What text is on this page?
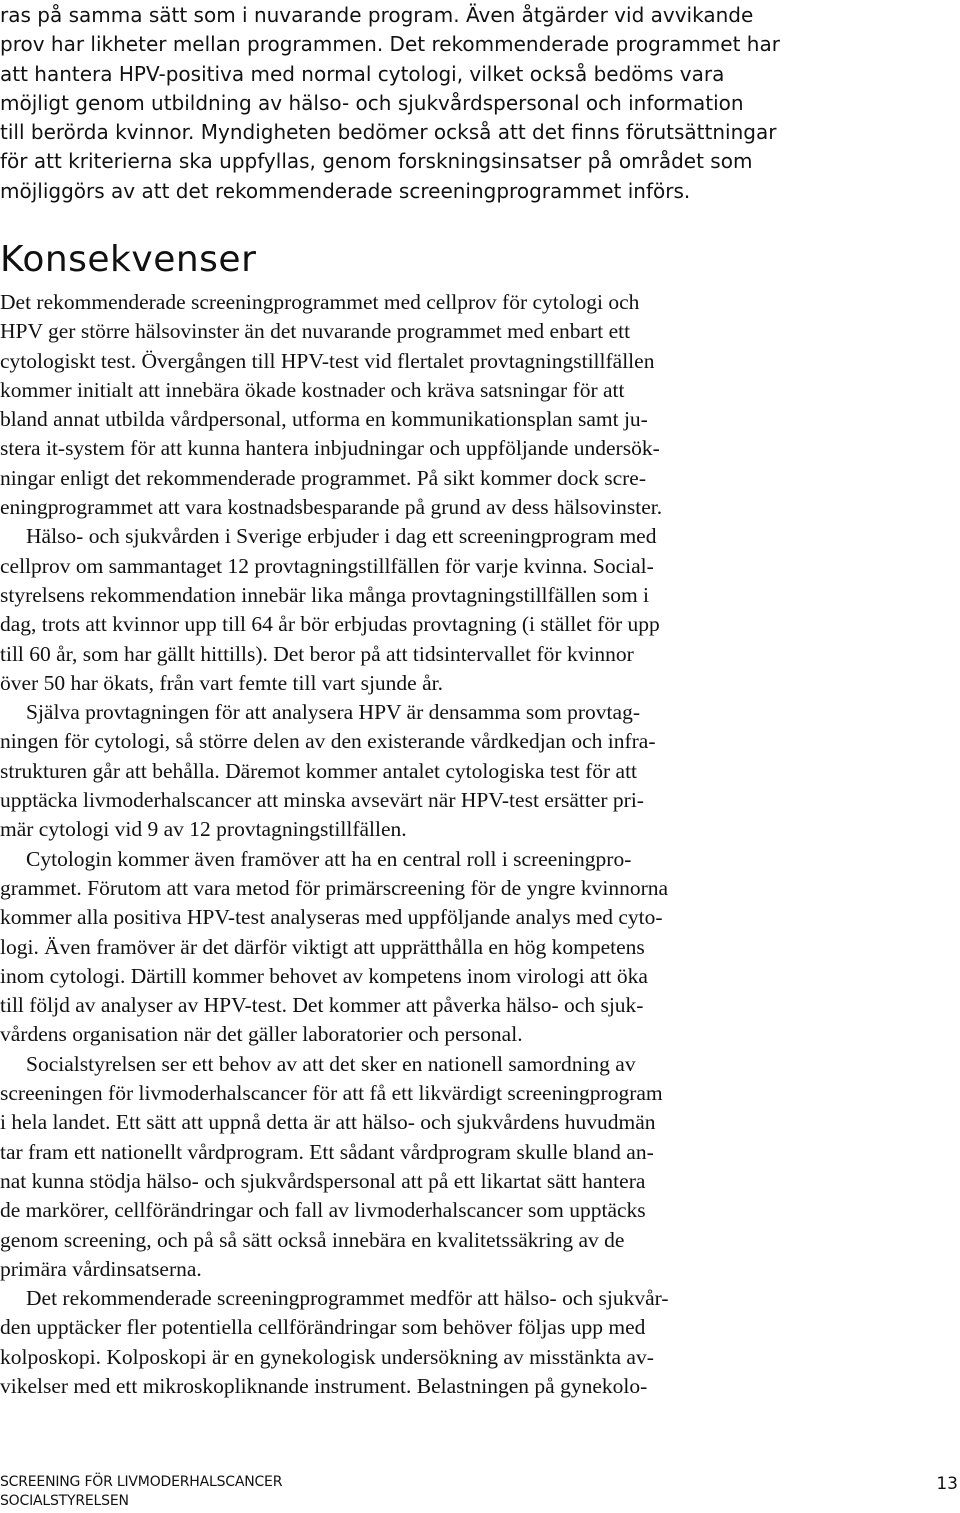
ras på samma sätt som i nuvarande program. Även åtgärder vid avvikande
prov har likheter mellan programmen. Det rekommenderade programmet har
att hantera HPV-positiva med normal cytologi, vilket också bedöms vara
möjligt genom utbildning av hälso- och sjukvårdspersonal och information
till berörda kvinnor. Myndigheten bedömer också att det finns förutsättningar
för att kriterierna ska uppfyllas, genom forskningsinsatser på området som
möjliggörs av att det rekommenderade screeningprogrammet införs.
Konsekvenser
Det rekommenderade screeningprogrammet med cellprov för cytologi och
HPV ger större hälsovinster än det nuvarande programmet med enbart ett
cytologiskt test. Övergången till HPV-test vid flertalet provtagningstillfällen
kommer initialt att innebära ökade kostnader och kräva satsningar för att
bland annat utbilda vårdpersonal, utforma en kommunikationsplan samt ju-
stera it-system för att kunna hantera inbjudningar och uppföljande undersök-
ningar enligt det rekommenderade programmet. På sikt kommer dock scre-
eningprogrammet att vara kostnadsbesparande på grund av dess hälsovinster.
Hälso- och sjukvården i Sverige erbjuder i dag ett screeningprogram med
cellprov om sammantaget 12 provtagningstillfällen för varje kvinna. Social-
styrelsens rekommendation innebär lika många provtagningstillfällen som i
dag, trots att kvinnor upp till 64 år bör erbjudas provtagning (i stället för upp
till 60 år, som har gällt hittills). Det beror på att tidsintervallet för kvinnor
över 50 har ökats, från vart femte till vart sjunde år.
Själva provtagningen för att analysera HPV är densamma som provtag-
ningen för cytologi, så större delen av den existerande vårdkedjan och infra-
strukturen går att behålla. Däremot kommer antalet cytologiska test för att
upptäcka livmoderhalscancer att minska avsevärt när HPV-test ersätter pri-
mär cytologi vid 9 av 12 provtagningstillfällen.
Cytologin kommer även framöver att ha en central roll i screeningpro-
grammet. Förutom att vara metod för primärscreening för de yngre kvinnorna
kommer alla positiva HPV-test analyseras med uppföljande analys med cyto-
logi. Även framöver är det därför viktigt att upprätthålla en hög kompetens
inom cytologi. Därtill kommer behovet av kompetens inom virologi att öka
till följd av analyser av HPV-test. Det kommer att påverka hälso- och sjuk-
vårdens organisation när det gäller laboratorier och personal.
Socialstyrelsen ser ett behov av att det sker en nationell samordning av
screeningen för livmoderhalscancer för att få ett likvärdigt screeningprogram
i hela landet. Ett sätt att uppnå detta är att hälso- och sjukvårdens huvudmän
tar fram ett nationellt vårdprogram. Ett sådant vårdprogram skulle bland an-
nat kunna stödja hälso- och sjukvårdspersonal att på ett likartat sätt hantera
de markörer, cellförändringar och fall av livmoderhalscancer som upptäcks
genom screening, och på så sätt också innebära en kvalitetssäkring av de
primära vårdinsatserna.
Det rekommenderade screeningprogrammet medför att hälso- och sjukvår-
den upptäcker fler potentiella cellförändringar som behöver följas upp med
kolposkopi. Kolposkopi är en gynekologisk undersökning av misstänkta av-
vikelser med ett mikroskopliknande instrument. Belastningen på gynekolo-
SCREENING FÖR LIVMODERHALSCANCER
SOCIALSTYRELSEN
13
